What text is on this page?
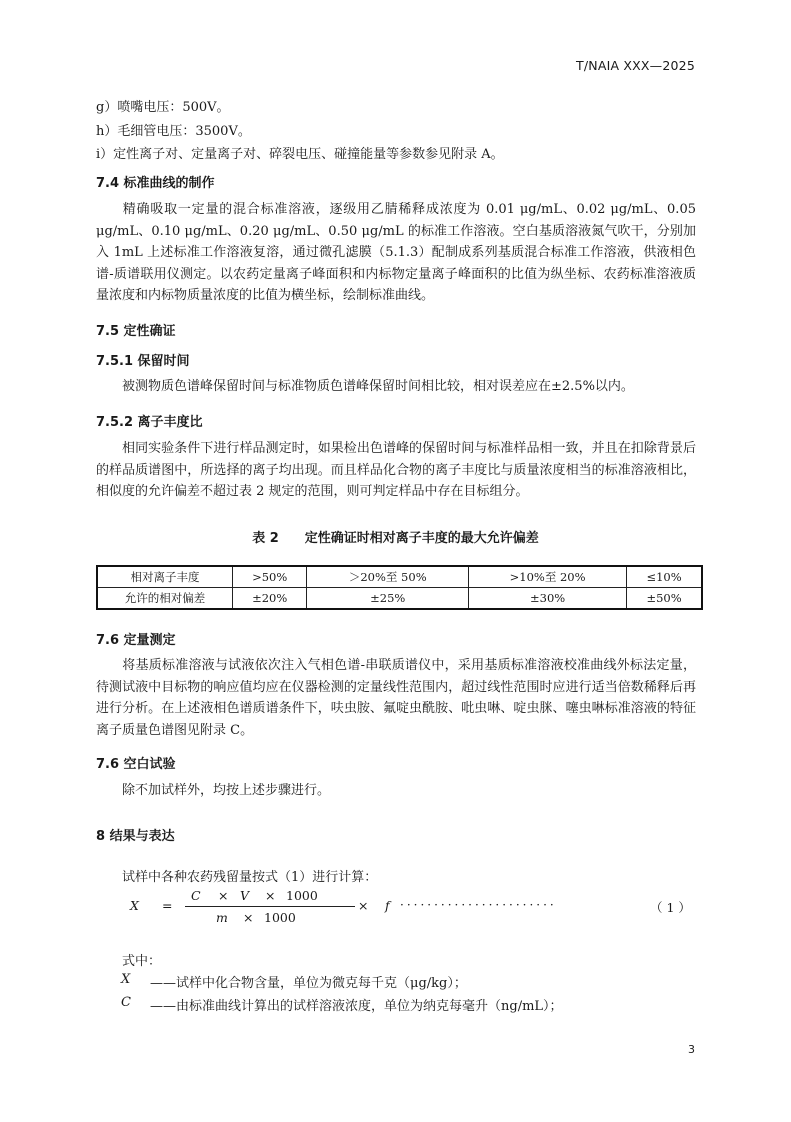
T/NAIA XXX—2025
g）喷嘴电压：500V。
h）毛细管电压：3500V。
i）定性离子对、定量离子对、碎裂电压、碰撞能量等参数参见附录 A。
7.4 标准曲线的制作
精确吸取一定量的混合标准溶液，逐级用乙腈稀释成浓度为 0.01 μg/mL、0.02 μg/mL、0.05 μg/mL、0.10 μg/mL、0.20 μg/mL、0.50 μg/mL 的标准工作溶液。空白基质溶液氮气吹干，分别加入 1mL 上述标准工作溶液复溶，通过微孔滤膜（5.1.3）配制成系列基质混合标准工作溶液，供液相色谱-质谱联用仪测定。以农药定量离子峰面积和内标物定量离子峰面积的比值为纵坐标、农药标准溶液质量浓度和内标物质量浓度的比值为横坐标，绘制标准曲线。
7.5 定性确证
7.5.1 保留时间
被测物质色谱峰保留时间与标准物质色谱峰保留时间相比较，相对误差应在±2.5%以内。
7.5.2 离子丰度比
相同实验条件下进行样品测定时，如果检出色谱峰的保留时间与标准样品相一致，并且在扣除背景后的样品质谱图中，所选择的离子均出现。而且样品化合物的离子丰度比与质量浓度相当的标准溶液相比，相似度的允许偏差不超过表 2 规定的范围，则可判定样品中存在目标组分。
表 2　　定性确证时相对离子丰度的最大允许偏差
相对离子丰度	>50%	＞20%至 50%	>10%至 20%	≤10%
允许的相对偏差	±20%	±25%	±30%	±50%
7.6 定量测定
将基质标准溶液与试液依次注入气相色谱-串联质谱仪中，采用基质标准溶液校准曲线外标法定量，待测试液中目标物的响应值均应在仪器检测的定量线性范围内，超过线性范围时应进行适当倍数稀释后再进行分析。在上述液相色谱质谱条件下，呋虫胺、氟啶虫酰胺、吡虫啉、啶虫脒、噻虫啉标准溶液的特征离子质量色谱图见附录 C。
7.6 空白试验
除不加试样外，均按上述步骤进行。
8 结果与表达
试样中各种农药残留量按式（1）进行计算：
X =
C × V × 1000
m × 1000
× f ·······················	（ 1 ）
式中：
X ——试样中化合物含量，单位为微克每千克（μg/kg）；
C ——由标准曲线计算出的试样溶液浓度，单位为纳克每毫升（ng/mL）；
3
